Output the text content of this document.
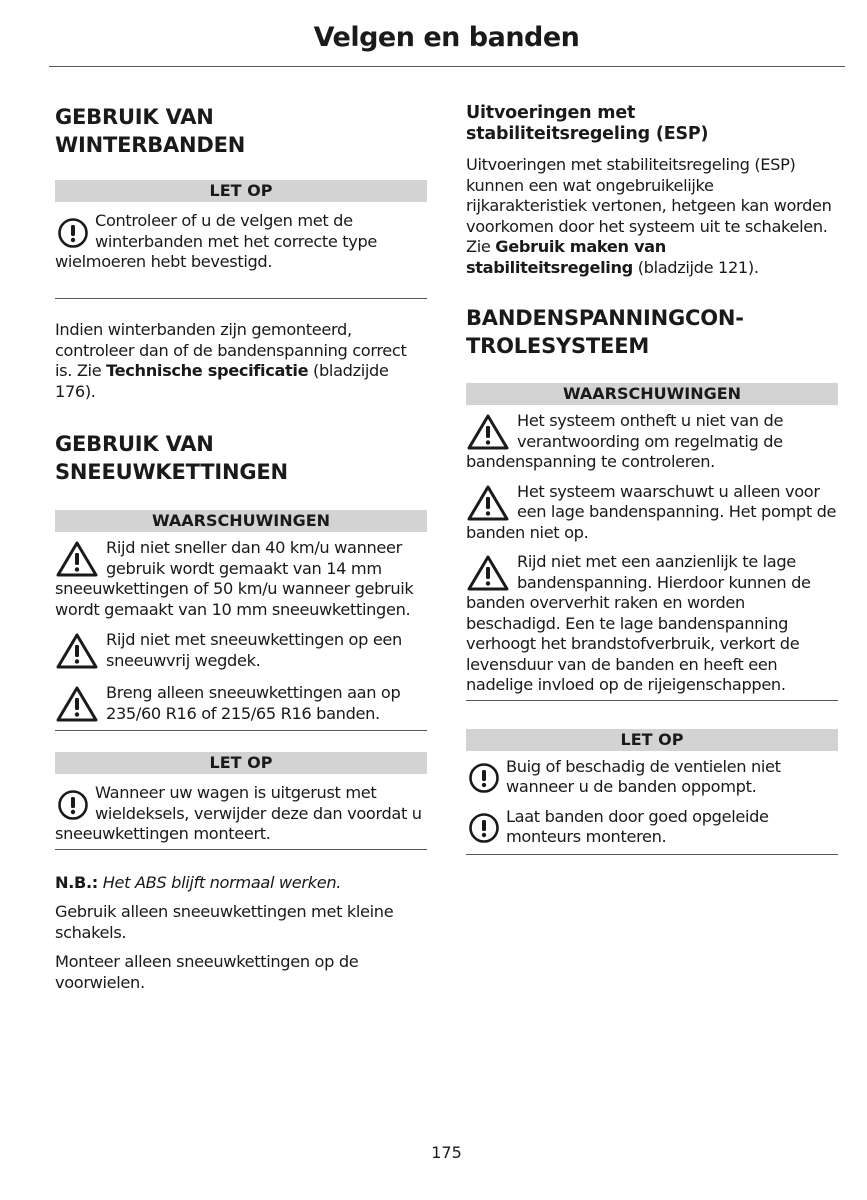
Velgen en banden
GEBRUIK VAN WINTERBANDEN
LET OP
Controleer of u de velgen met de winterbanden met het correcte type wielmoeren hebt bevestigd.

Indien winterbanden zijn gemonteerd, controleer dan of de bandenspanning correct is. Zie Technische specificatie (bladzijde 176).

GEBRUIK VAN SNEEUWKETTINGEN
WAARSCHUWINGEN
Rijd niet sneller dan 40 km/u wanneer gebruik wordt gemaakt van 14 mm sneeuwkettingen of 50 km/u wanneer gebruik wordt gemaakt van 10 mm sneeuwkettingen.
Rijd niet met sneeuwkettingen op een sneeuwvrij wegdek.
Breng alleen sneeuwkettingen aan op 235/60 R16 of 215/65 R16 banden.
LET OP
Wanneer uw wagen is uitgerust met wieldeksels, verwijder deze dan voordat u sneeuwkettingen monteert.

N.B.: Het ABS blijft normaal werken.

Gebruik alleen sneeuwkettingen met kleine schakels.

Monteer alleen sneeuwkettingen op de voorwielen.

Uitvoeringen met stabiliteitsregeling (ESP)

Uitvoeringen met stabiliteitsregeling (ESP) kunnen een wat ongebruikelijke rijkarakteristiek vertonen, hetgeen kan worden voorkomen door het systeem uit te schakelen. Zie Gebruik maken van stabiliteitsregeling (bladzijde 121).

BANDENSPANNINGCON-TROLESYSTEEM
WAARSCHUWINGEN
Het systeem ontheft u niet van de verantwoording om regelmatig de bandenspanning te controleren.
Het systeem waarschuwt u alleen voor een lage bandenspanning. Het pompt de banden niet op.
Rijd niet met een aanzienlijk te lage bandenspanning. Hierdoor kunnen de banden oververhit raken en worden beschadigd. Een te lage bandenspanning verhoogt het brandstofverbruik, verkort de levensduur van de banden en heeft een nadelige invloed op de rijeigenschappen.
LET OP
Buig of beschadig de ventielen niet wanneer u de banden oppompt.
Laat banden door goed opgeleide monteurs monteren.
175
